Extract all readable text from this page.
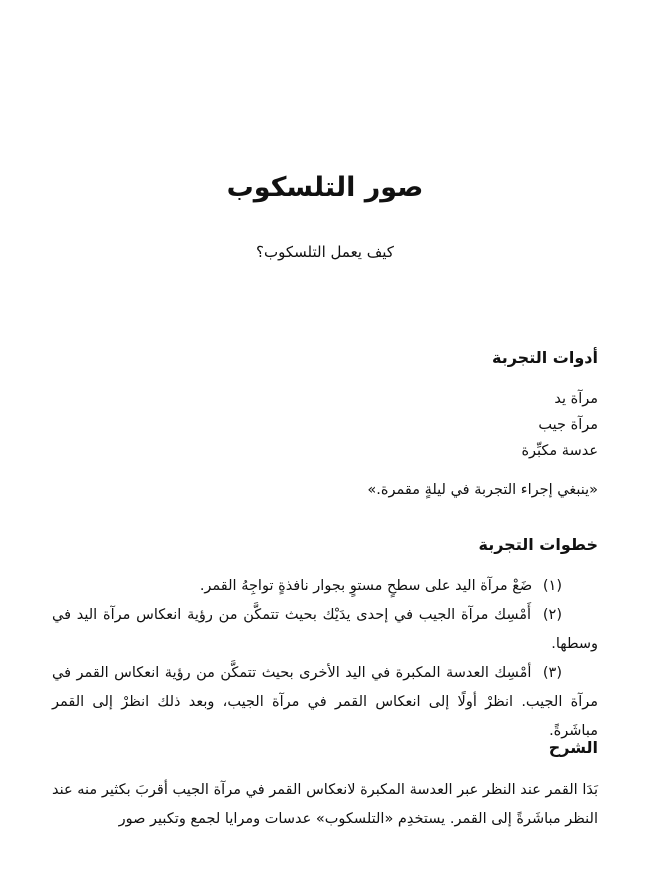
صور التلسكوب

كيف يعمل التلسكوب؟

أدوات التجربة
مرآة يد
مرآة جيب
عدسة مكبِّرة

«ينبغي إجراء التجربة في ليلةٍ مقمرة.»

خطوات التجربة
(١) ضَعْ مرآة اليد على سطحٍ مستوٍ بجوار نافذةٍ تواجِهُ القمر.
(٢) أَمْسِك مرآة الجيب في إحدى يدَيْك بحيث تتمكَّن من رؤية انعكاس مرآة اليد في وسطها.
(٣) أمْسِك العدسة المكبرة في اليد الأخرى بحيث تتمكَّن من رؤية انعكاس القمر في مرآة الجيب. انظرْ أولًا إلى انعكاس القمر في مرآة الجيب، وبعد ذلك انظرْ إلى القمر مباشَرةً.
الشرح

بَدَا القمر عند النظر عبر العدسة المكبرة لانعكاس القمر في مرآة الجيب أقربَ بكثير منه عند النظر مباشَرةً إلى القمر. يستخدِم «التلسكوب» عدسات ومرايا لجمع وتكبير صور
